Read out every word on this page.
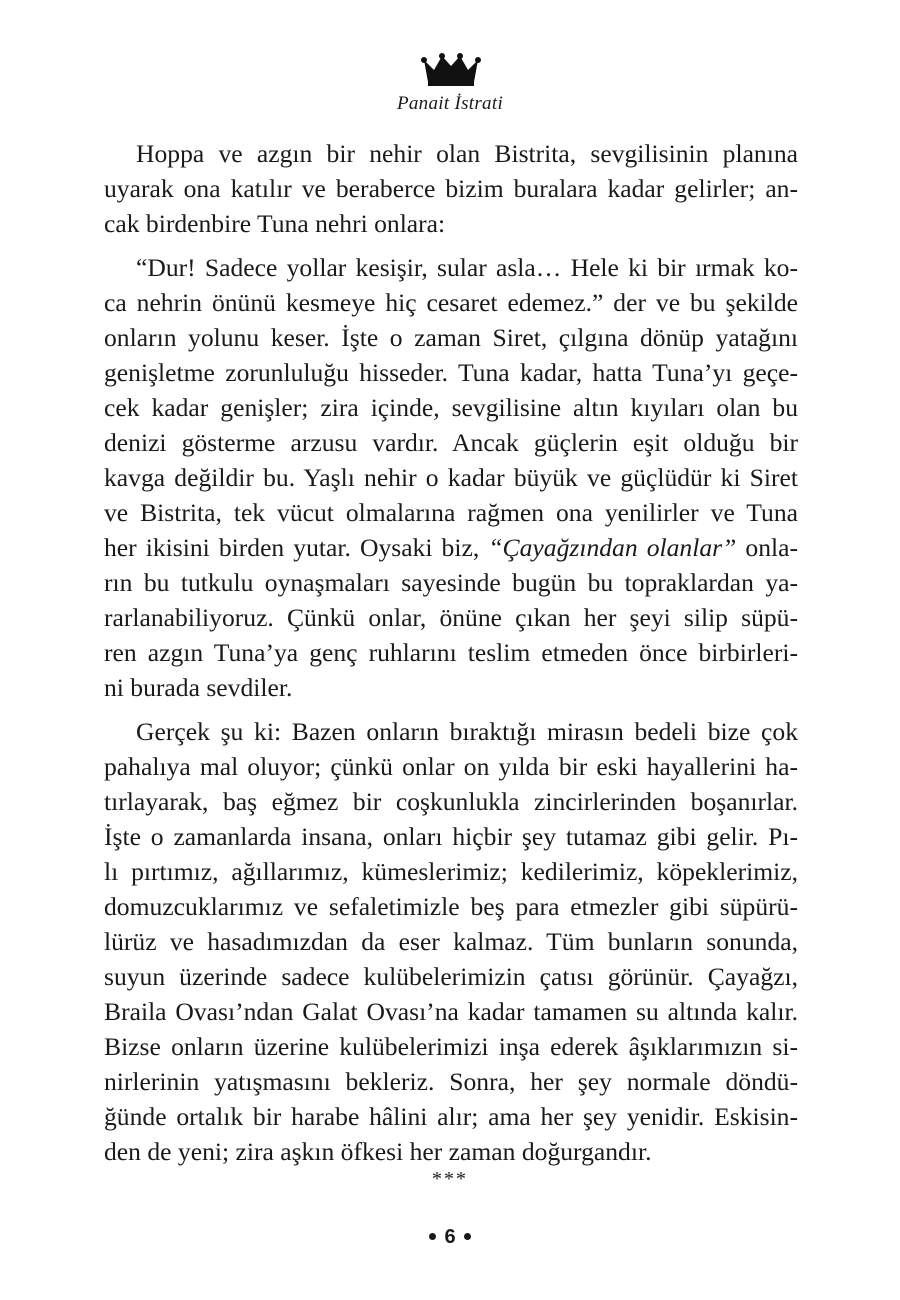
Panait İstrati
Hoppa ve azgın bir nehir olan Bistrita, sevgilisinin planına
uyarak ona katılır ve beraberce bizim buralara kadar gelirler; an-
cak birdenbire Tuna nehri onlara:
“Dur! Sadece yollar kesişir, sular asla… Hele ki bir ırmak ko-
ca nehrin önünü kesmeye hiç cesaret edemez.” der ve bu şekilde
onların yolunu keser. İşte o zaman Siret, çılgına dönüp yatağını
genişletme zorunluluğu hisseder. Tuna kadar, hatta Tuna’yı geçe-
cek kadar genişler; zira içinde, sevgilisine altın kıyıları olan bu
denizi gösterme arzusu vardır. Ancak güçlerin eşit olduğu bir
kavga değildir bu. Yaşlı nehir o kadar büyük ve güçlüdür ki Siret
ve Bistrita, tek vücut olmalarına rağmen ona yenilirler ve Tuna
her ikisini birden yutar. Oysaki biz, “Çayağzından olanlar” onla-
rın bu tutkulu oynaşmaları sayesinde bugün bu topraklardan ya-
rarlanabiliyoruz. Çünkü onlar, önüne çıkan her şeyi silip süpü-
ren azgın Tuna’ya genç ruhlarını teslim etmeden önce birbirleri-
ni burada sevdiler.
Gerçek şu ki: Bazen onların bıraktığı mirasın bedeli bize çok
pahalıya mal oluyor; çünkü onlar on yılda bir eski hayallerini ha-
tırlayarak, baş eğmez bir coşkunlukla zincirlerinden boşanırlar.
İşte o zamanlarda insana, onları hiçbir şey tutamaz gibi gelir. Pı-
lı pırtımız, ağıllarımız, kümeslerimiz; kedilerimiz, köpeklerimiz,
domuzcuklarımız ve sefaletimizle beş para etmezler gibi süpürü-
lürüz ve hasadımızdan da eser kalmaz. Tüm bunların sonunda,
suyun üzerinde sadece kulübelerimizin çatısı görünür. Çayağzı,
Braila Ovası’ndan Galat Ovası’na kadar tamamen su altında kalır.
Bizse onların üzerine kulübelerimizi inşa ederek âşıklarımızın si-
nirlerinin yatışmasını bekleriz. Sonra, her şey normale döndü-
ğünde ortalık bir harabe hâlini alır; ama her şey yenidir. Eskisin-
den de yeni; zira aşkın öfkesi her zaman doğurgandır.
***
6
